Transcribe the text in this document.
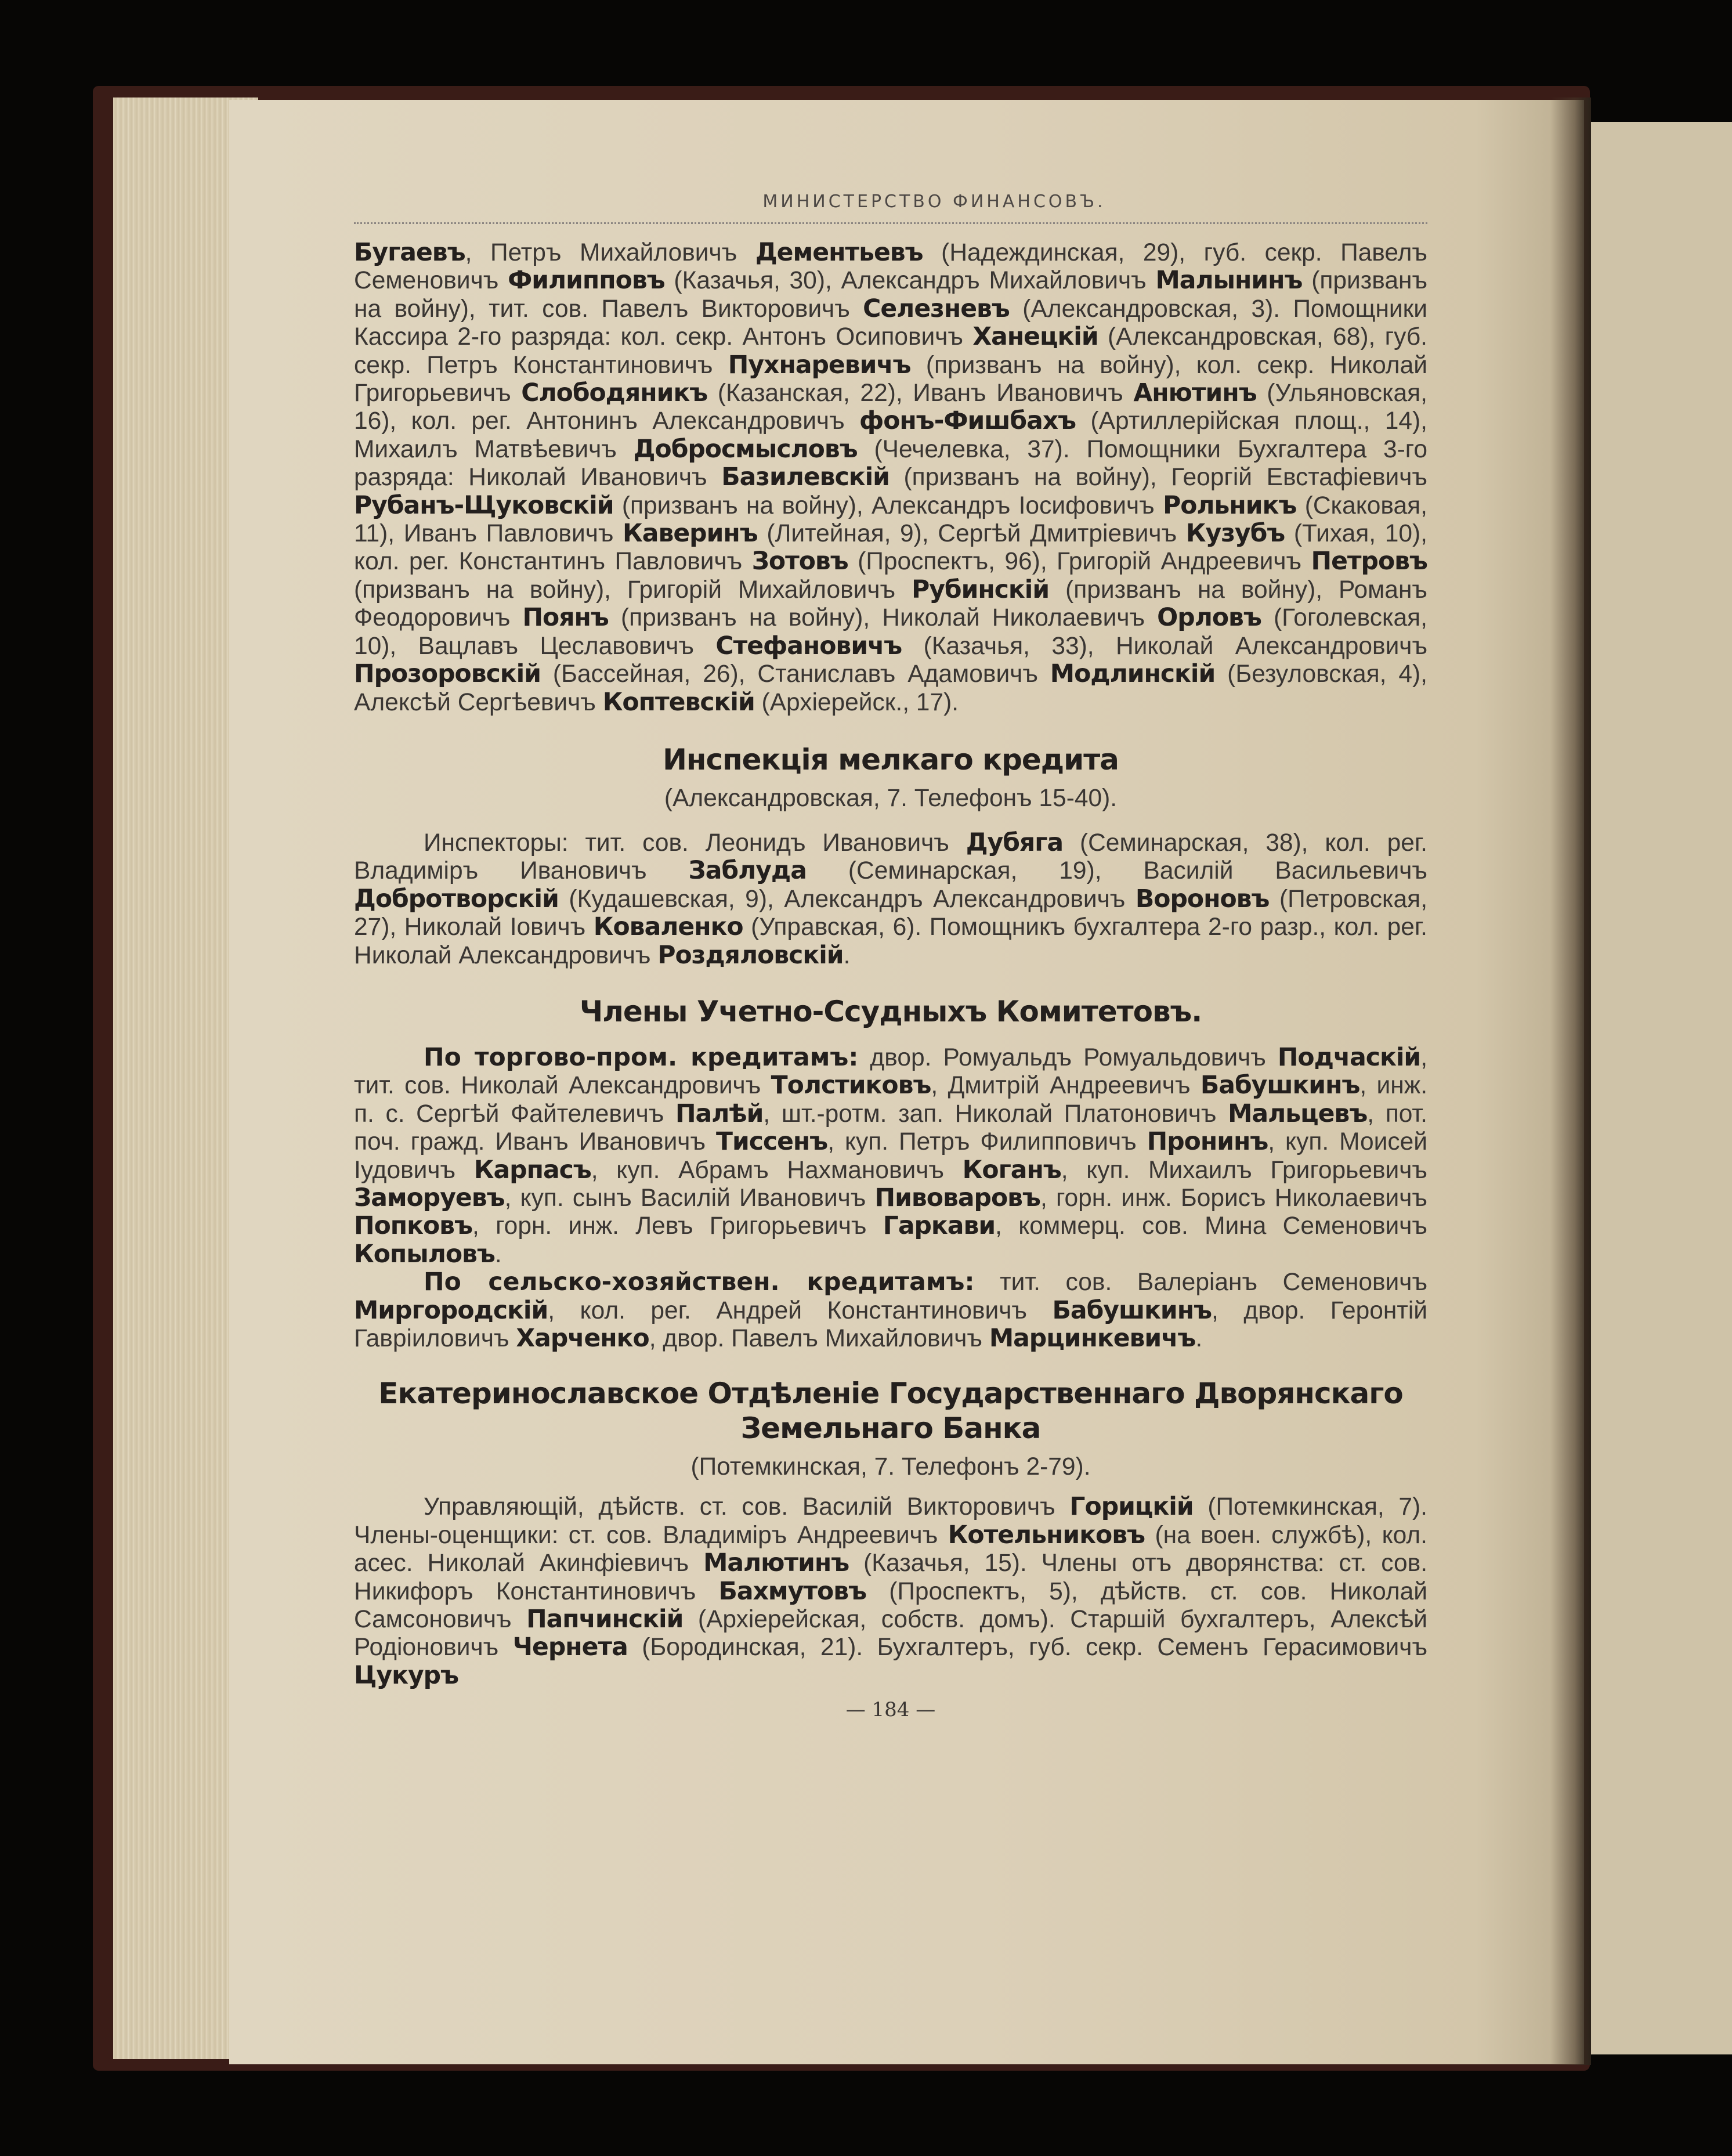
МИНИСТЕРСТВО ФИНАНСОВЪ.

Бугаевъ, Петръ Михайловичъ Дементьевъ (Надеждинская, 29), губ. секр. Павелъ Семеновичъ Филипповъ (Казачья, 30), Александръ Михайловичъ Малынинъ (призванъ на войну), тит. сов. Павелъ Викторовичъ Селезневъ (Александровская, 3). Помощники Кассира 2-го разряда: кол. секр. Антонъ Осиповичъ Ханецкій (Александровская, 68), губ. секр. Петръ Константиновичъ Пухнаревичъ (призванъ на войну), кол. секр. Николай Григорьевичъ Слободяникъ (Казанская, 22), Иванъ Ивановичъ Анютинъ (Ульяновская, 16), кол. рег. Антонинъ Александровичъ фонъ-Фишбахъ (Артиллерійская площ., 14), Михаилъ Матвѣевичъ Добросмысловъ (Чечелевка, 37). Помощники Бухгалтера 3-го разряда: Николай Ивановичъ Базилевскій (призванъ на войну), Георгій Евстафіевичъ Рубанъ-Щуковскій (призванъ на войну), Александръ Іосифовичъ Рольникъ (Скаковая, 11), Иванъ Павловичъ Каверинъ (Литейная, 9), Сергѣй Дмитріевичъ Кузубъ (Тихая, 10), кол. рег. Константинъ Павловичъ Зотовъ (Проспектъ, 96), Григорій Андреевичъ Петровъ (призванъ на войну), Григорій Михайловичъ Рубинскій (призванъ на войну), Романъ Феодоровичъ Поянъ (призванъ на войну), Николай Николаевичъ Орловъ (Гоголевская, 10), Вацлавъ Цеславовичъ Стефановичъ (Казачья, 33), Николай Александровичъ Прозоровскій (Бассейная, 26), Станиславъ Адамовичъ Модлинскій (Безуловская, 4), Алексѣй Сергѣевичъ Коптевскій (Архіерейск., 17).

Инспекція мелкаго кредита

(Александровская, 7. Телефонъ 15-40).

Инспекторы: тит. сов. Леонидъ Ивановичъ Дубяга (Семинарская, 38), кол. рег. Владиміръ Ивановичъ Заблуда (Семинарская, 19), Василій Васильевичъ Добротворскій (Кудашевская, 9), Александръ Александровичъ Вороновъ (Петровская, 27), Николай Іовичъ Коваленко (Управская, 6). Помощникъ бухгалтера 2-го разр., кол. рег. Николай Александровичъ Роздяловскій.

Члены Учетно-Ссудныхъ Комитетовъ.

По торгово-пром. кредитамъ: двор. Ромуальдъ Ромуальдовичъ Подчаскій, тит. сов. Николай Александровичъ Толстиковъ, Дмитрій Андреевичъ Бабушкинъ, инж. п. с. Сергѣй Файтелевичъ Палѣй, шт.-ротм. зап. Николай Платоновичъ Мальцевъ, пот. поч. гражд. Иванъ Ивановичъ Тиссенъ, куп. Петръ Филипповичъ Пронинъ, куп. Моисей Іудовичъ Карпасъ, куп. Абрамъ Нахмановичъ Коганъ, куп. Михаилъ Григорьевичъ Заморуевъ, куп. сынъ Василій Ивановичъ Пивоваровъ, горн. инж. Борисъ Николаевичъ Попковъ, горн. инж. Левъ Григорьевичъ Гаркави, коммерц. сов. Мина Семеновичъ Копыловъ.

По сельско-хозяйствен. кредитамъ: тит. сов. Валеріанъ Семеновичъ Миргородскій, кол. рег. Андрей Константиновичъ Бабушкинъ, двор. Геронтій Гавріиловичъ Харченко, двор. Павелъ Михайловичъ Марцинкевичъ.

Екатеринославское Отдѣленіе Государственнаго Дворянскаго

Земельнаго Банка

(Потемкинская, 7. Телефонъ 2-79).

Управляющій, дѣйств. ст. сов. Василій Викторовичъ Горицкій (Потемкинская, 7). Члены-оценщики: ст. сов. Владиміръ Андреевичъ Котельниковъ (на воен. службѣ), кол. асес. Николай Акинфіевичъ Малютинъ (Казачья, 15). Члены отъ дворянства: ст. сов. Никифоръ Константиновичъ Бахмутовъ (Проспектъ, 5), дѣйств. ст. сов. Николай Самсоновичъ Папчинскій (Архіерейская, собств. домъ). Старшій бухгалтеръ, Алексѣй Родіоновичъ Чернета (Бородинская, 21). Бухгалтеръ, губ. секр. Семенъ Герасимовичъ Цукуръ

— 184 —
